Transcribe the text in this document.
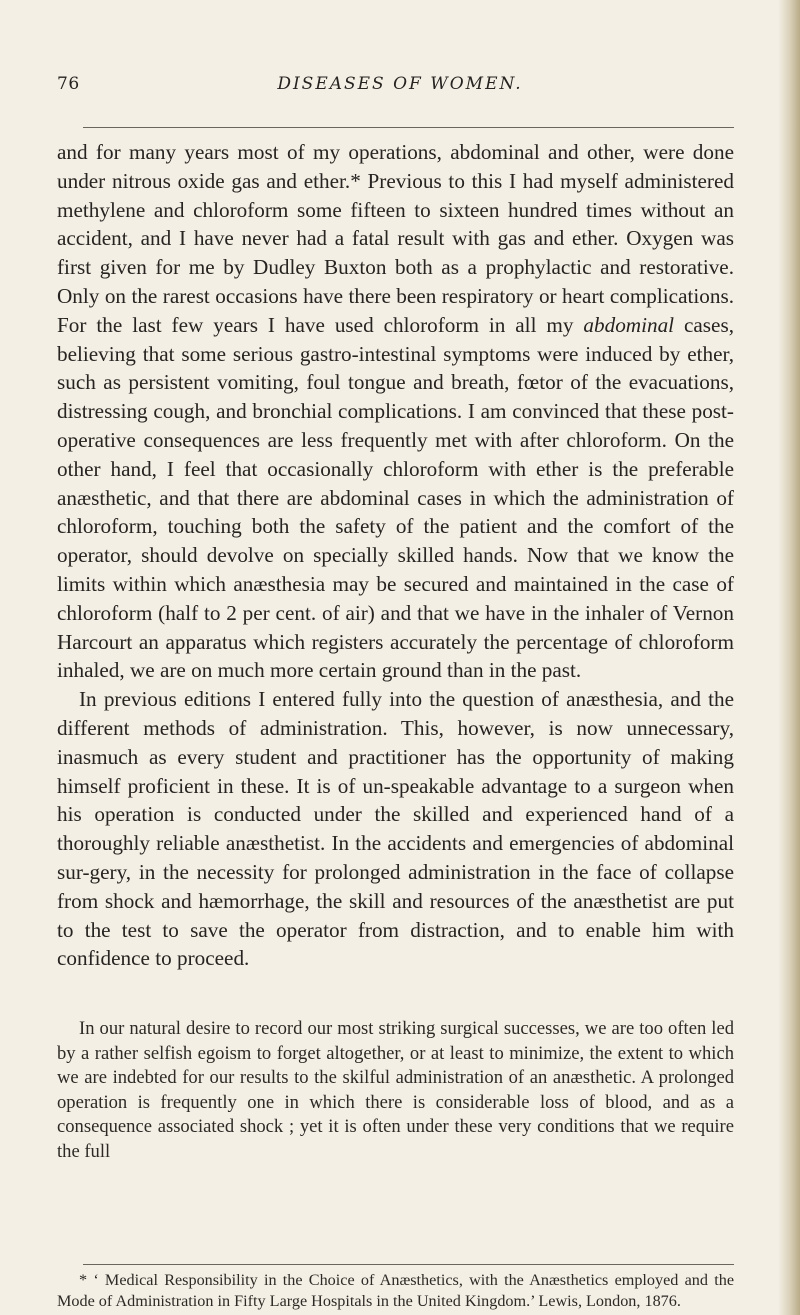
76	DISEASES OF WOMEN.

and for many years most of my operations, abdominal and other, were done under nitrous oxide gas and ether.* Previous to this I had myself administered methylene and chloroform some fifteen to sixteen hundred times without an accident, and I have never had a fatal result with gas and ether. Oxygen was first given for me by Dudley Buxton both as a prophylactic and restorative. Only on the rarest occasions have there been respiratory or heart complications. For the last few years I have used chloroform in all my abdominal cases, believing that some serious gastro-intestinal symptoms were induced by ether, such as persistent vomiting, foul tongue and breath, fœtor of the evacuations, distressing cough, and bronchial complications. I am convinced that these post-operative consequences are less frequently met with after chloroform. On the other hand, I feel that occasionally chloroform with ether is the preferable anæsthetic, and that there are abdominal cases in which the administration of chloroform, touching both the safety of the patient and the comfort of the operator, should devolve on specially skilled hands. Now that we know the limits within which anæsthesia may be secured and maintained in the case of chloroform (half to 2 per cent. of air) and that we have in the inhaler of Vernon Harcourt an apparatus which registers accurately the percentage of chloroform inhaled, we are on much more certain ground than in the past.

In previous editions I entered fully into the question of anæsthesia, and the different methods of administration. This, however, is now unnecessary, inasmuch as every student and practitioner has the opportunity of making himself proficient in these. It is of un-speakable advantage to a surgeon when his operation is conducted under the skilled and experienced hand of a thoroughly reliable anæsthetist. In the accidents and emergencies of abdominal sur-gery, in the necessity for prolonged administration in the face of collapse from shock and hæmorrhage, the skill and resources of the anæsthetist are put to the test to save the operator from distraction, and to enable him with confidence to proceed.

In our natural desire to record our most striking surgical successes, we are too often led by a rather selfish egoism to forget altogether, or at least to minimize, the extent to which we are indebted for our results to the skilful administration of an anæsthetic. A prolonged operation is frequently one in which there is considerable loss of blood, and as a consequence associated shock ; yet it is often under these very conditions that we require the full
* ‘ Medical Responsibility in the Choice of Anæsthetics, with the Anæsthetics employed and the Mode of Administration in Fifty Large Hospitals in the United Kingdom.’ Lewis, London, 1876.
